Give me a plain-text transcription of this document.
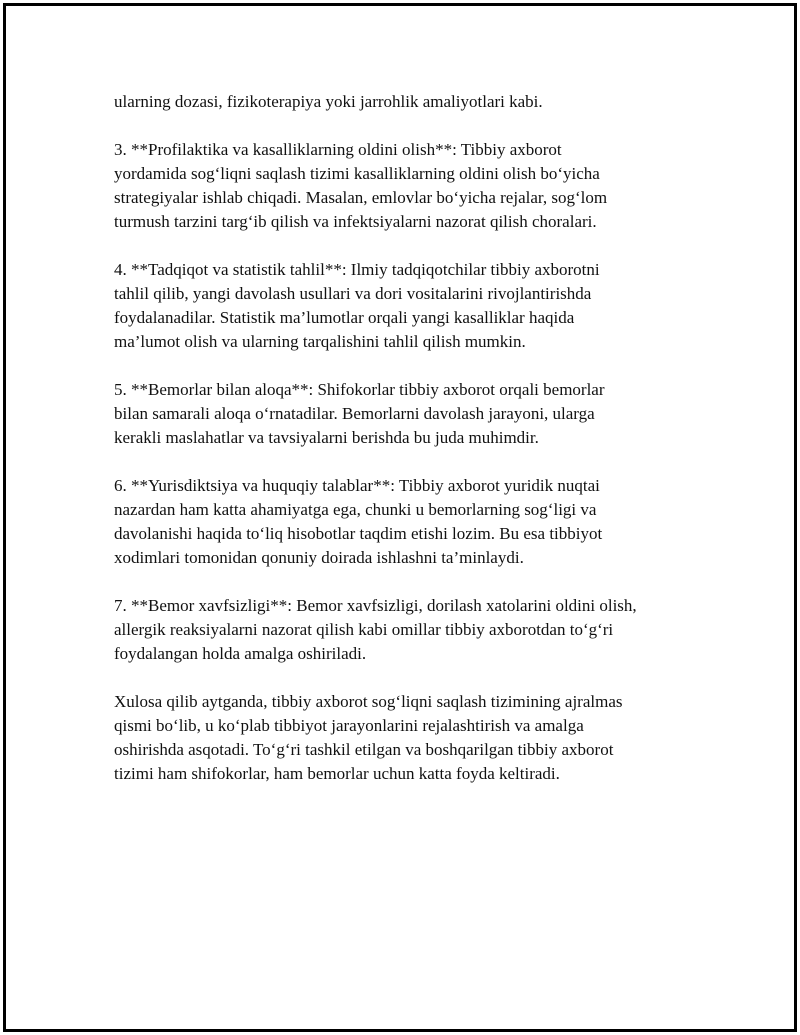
ularning dozasi, fizikoterapiya yoki jarrohlik amaliyotlari kabi.

3. **Profilaktika va kasalliklarning oldini olish**: Tibbiy axborot
yordamida sog‘liqni saqlash tizimi kasalliklarning oldini olish bo‘yicha
strategiyalar ishlab chiqadi. Masalan, emlovlar bo‘yicha rejalar, sog‘lom
turmush tarzini targ‘ib qilish va infektsiyalarni nazorat qilish choralari.

4. **Tadqiqot va statistik tahlil**: Ilmiy tadqiqotchilar tibbiy axborotni
tahlil qilib, yangi davolash usullari va dori vositalarini rivojlantirishda
foydalanadilar. Statistik ma’lumotlar orqali yangi kasalliklar haqida
ma’lumot olish va ularning tarqalishini tahlil qilish mumkin.

5. **Bemorlar bilan aloqa**: Shifokorlar tibbiy axborot orqali bemorlar
bilan samarali aloqa o‘rnatadilar. Bemorlarni davolash jarayoni, ularga
kerakli maslahatlar va tavsiyalarni berishda bu juda muhimdir.

6. **Yurisdiktsiya va huquqiy talablar**: Tibbiy axborot yuridik nuqtai
nazardan ham katta ahamiyatga ega, chunki u bemorlarning sog‘ligi va
davolanishi haqida to‘liq hisobotlar taqdim etishi lozim. Bu esa tibbiyot
xodimlari tomonidan qonuniy doirada ishlashni ta’minlaydi.

7. **Bemor xavfsizligi**: Bemor xavfsizligi, dorilash xatolarini oldini olish,
allergik reaksiyalarni nazorat qilish kabi omillar tibbiy axborotdan to‘g‘ri
foydalangan holda amalga oshiriladi.

Xulosa qilib aytganda, tibbiy axborot sog‘liqni saqlash tizimining ajralmas
qismi bo‘lib, u ko‘plab tibbiyot jarayonlarini rejalashtirish va amalga
oshirishda asqotadi. To‘g‘ri tashkil etilgan va boshqarilgan tibbiy axborot
tizimi ham shifokorlar, ham bemorlar uchun katta foyda keltiradi.
